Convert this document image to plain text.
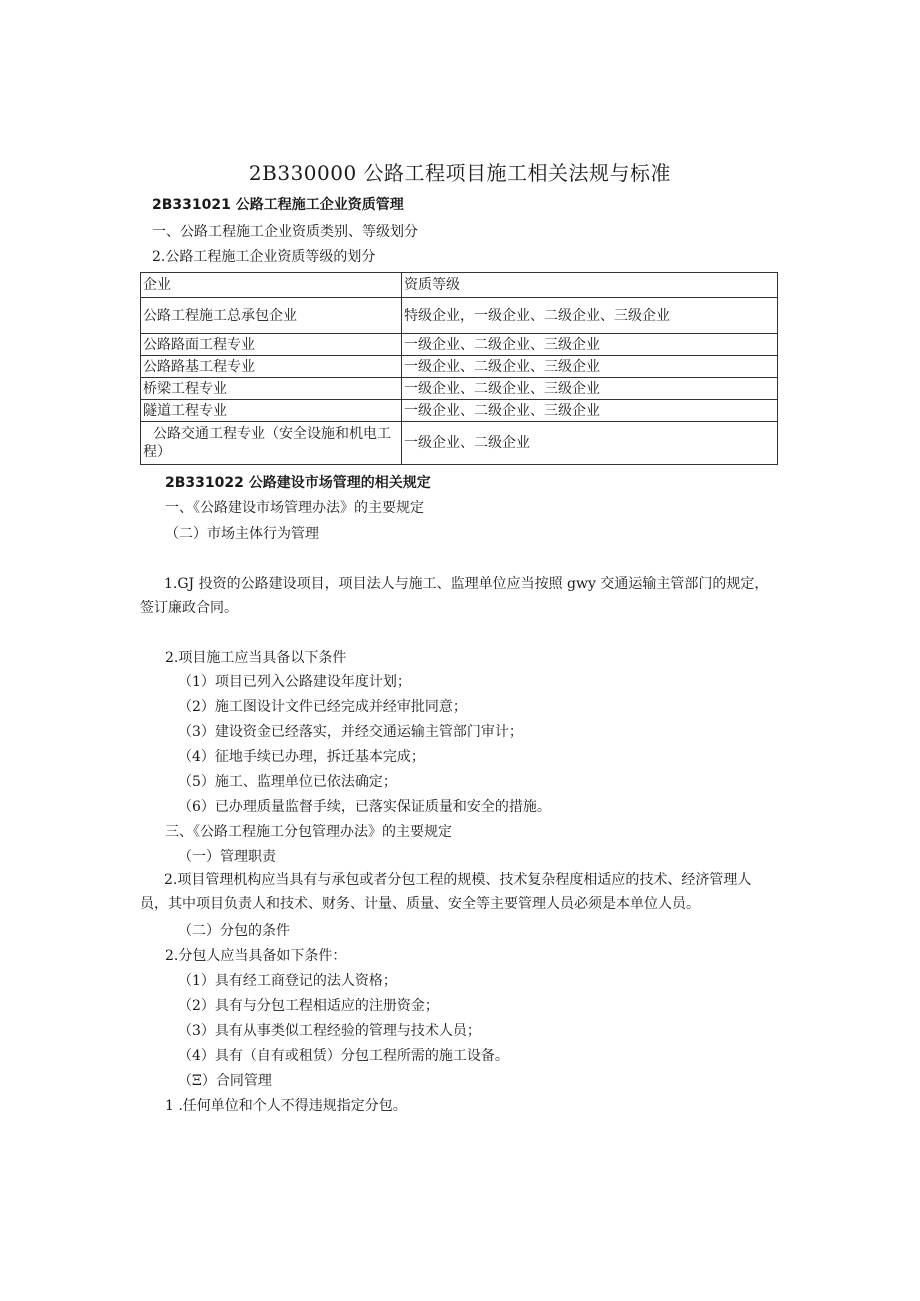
2B330000 公路工程项目施工相关法规与标准
2B331021 公路工程施工企业资质管理
一、公路工程施工企业资质类别、等级划分
2.公路工程施工企业资质等级的划分
企业	资质等级
公路工程施工总承包企业	特级企业，一级企业、二级企业、三级企业
公路路面工程专业	一级企业、二级企业、三级企业
公路路基工程专业	一级企业、二级企业、三级企业
桥梁工程专业	一级企业、二级企业、三级企业
隧道工程专业	一级企业、二级企业、三级企业
公路交通工程专业（安全设施和机电工程）	一级企业、二级企业
2B331022 公路建设市场管理的相关规定
一、《公路建设市场管理办法》的主要规定
（二）市场主体行为管理
1.GJ 投资的公路建设项目，项目法人与施工、监理单位应当按照 gwy 交通运输主管部门的规定，签订廉政合同。
2.项目施工应当具备以下条件
（1）项目已列入公路建设年度计划；
（2）施工图设计文件已经完成并经审批同意；
（3）建设资金已经落实，并经交通运输主管部门审计；
（4）征地手续已办理，拆迁基本完成；
（5）施工、监理单位已依法确定；
（6）已办理质量监督手续，已落实保证质量和安全的措施。
三、《公路工程施工分包管理办法》的主要规定
（一）管理职责
2.项目管理机构应当具有与承包或者分包工程的规模、技术复杂程度相适应的技术、经济管理人员，其中项目负责人和技术、财务、计量、质量、安全等主要管理人员必须是本单位人员。
（二）分包的条件
2.分包人应当具备如下条件：
（1）具有经工商登记的法人资格；
（2）具有与分包工程相适应的注册资金；
（3）具有从事类似工程经验的管理与技术人员；
（4）具有（自有或租赁）分包工程所需的施工设备。
（Ξ）合同管理
1 .任何单位和个人不得违规指定分包。
